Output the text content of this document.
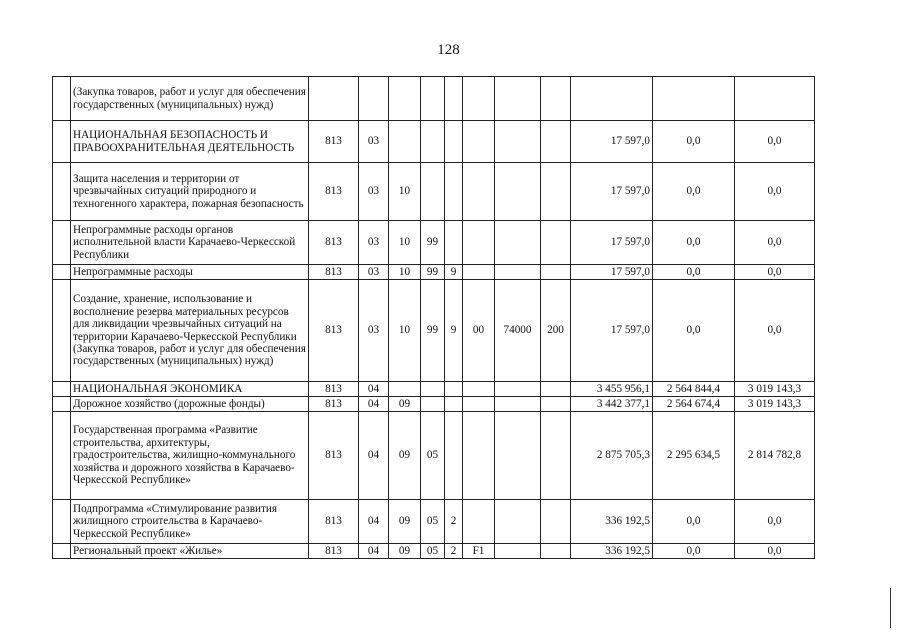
128
	(Закупка товаров, работ и услуг для обеспечения государственных (муниципальных) нужд)											
	НАЦИОНАЛЬНАЯ БЕЗОПАСНОСТЬ И ПРАВООХРАНИТЕЛЬНАЯ ДЕЯТЕЛЬНОСТЬ	813	03							17 597,0	0,0	0,0
	Защита населения и территории от чрезвычайных ситуаций природного и техногенного характера, пожарная безопасность	813	03	10						17 597,0	0,0	0,0
	Непрограммные расходы органов исполнительной власти Карачаево-Черкесской Республики	813	03	10	99					17 597,0	0,0	0,0
	Непрограммные расходы	813	03	10	99	9				17 597,0	0,0	0,0
	Создание, хранение, использование и восполнение резерва материальных ресурсов для ликвидации чрезвычайных ситуаций на территории Карачаево-Черкесской Республики (Закупка товаров, работ и услуг для обеспечения государственных (муниципальных) нужд)	813	03	10	99	9	00	74000	200	17 597,0	0,0	0,0
	НАЦИОНАЛЬНАЯ ЭКОНОМИКА	813	04							3 455 956,1	2 564 844,4	3 019 143,3
	Дорожное хозяйство (дорожные фонды)	813	04	09						3 442 377,1	2 564 674,4	3 019 143,3
	Государственная программа «Развитие строительства, архитектуры, градостроительства, жилищно-коммунального хозяйства и дорожного хозяйства в Карачаево-Черкесской Республике»	813	04	09	05					2 875 705,3	2 295 634,5	2 814 782,8
	Подпрограмма «Стимулирование развития жилищного строительства в Карачаево-Черкесской Республике»	813	04	09	05	2				336 192,5	0,0	0,0
	Региональный проект «Жилье»	813	04	09	05	2	F1			336 192,5	0,0	0,0
